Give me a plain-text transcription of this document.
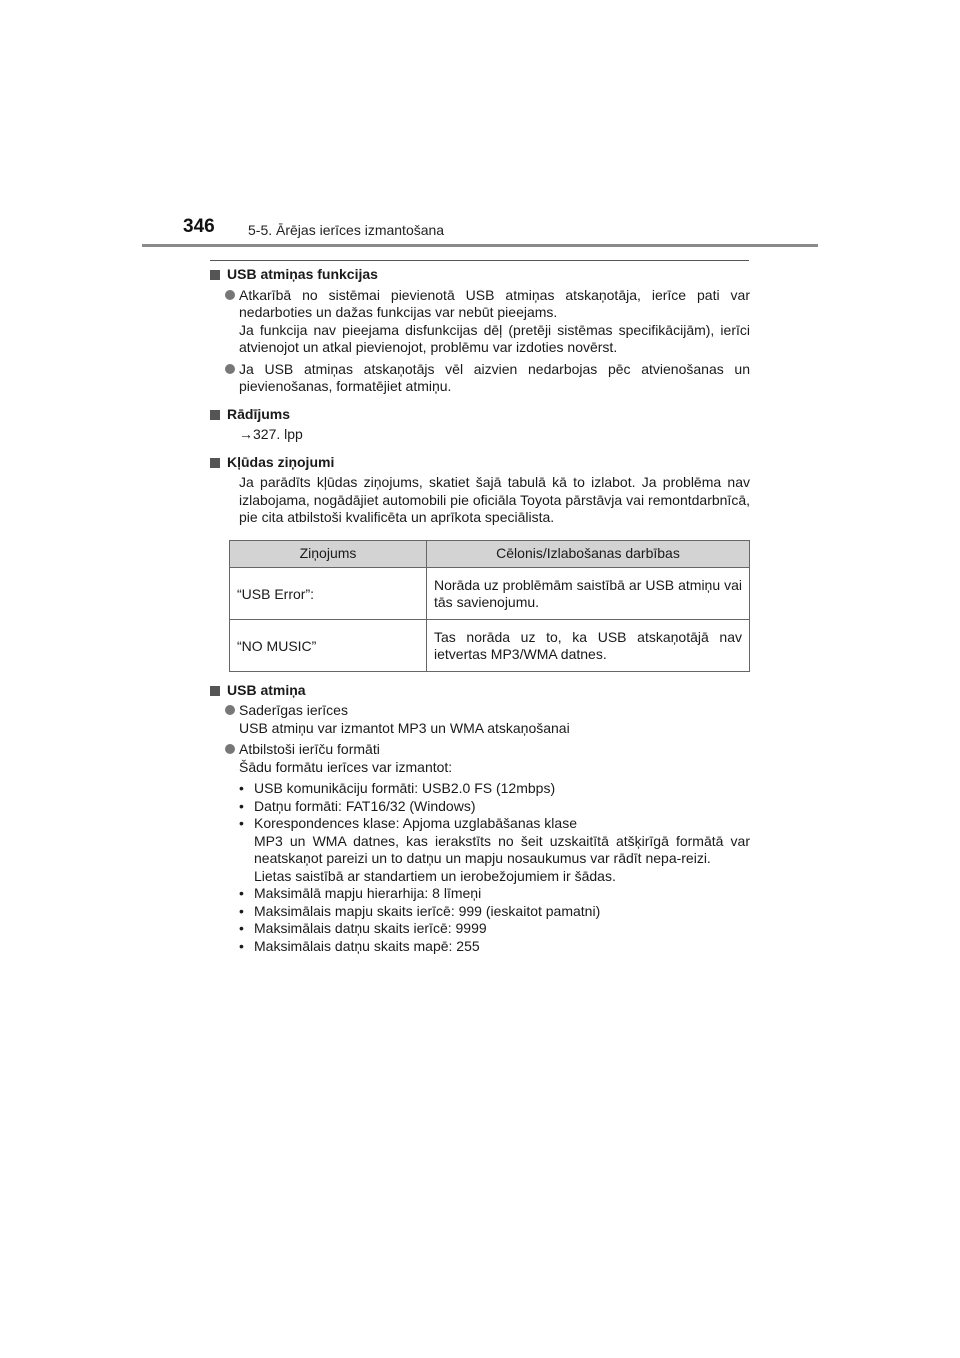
346 5-5. Ārējas ierīces izmantošana
USB atmiņas funkcijas
Atkarībā no sistēmai pievienotā USB atmiņas atskaņotāja, ierīce pati var nedarboties un dažas funkcijas var nebūt pieejams.
Ja funkcija nav pieejama disfunkcijas dēļ (pretēji sistēmas specifikācijām), ierīci atvienojot un atkal pievienojot, problēmu var izdoties novērst.
Ja USB atmiņas atskaņotājs vēl aizvien nedarbojas pēc atvienošanas un pievienošanas, formatējiet atmiņu.
Rādījums
→327. lpp
Kļūdas ziņojumi
Ja parādīts kļūdas ziņojums, skatiet šajā tabulā kā to izlabot. Ja problēma nav izlabojama, nogādājiet automobili pie oficiāla Toyota pārstāvja vai remontdarbnīcā, pie cita atbilstoši kvalificēta un aprīkota speciālista.
Ziņojums	Cēlonis/Izlabošanas darbības
“USB Error”:	Norāda uz problēmām saistībā ar USB atmiņu vai tās savienojumu.
“NO MUSIC”	Tas norāda uz to, ka USB atskaņotājā nav ietvertas MP3/WMA datnes.
USB atmiņa
Saderīgas ierīces
USB atmiņu var izmantot MP3 un WMA atskaņošanai
Atbilstoši ierīču formāti
Šādu formātu ierīces var izmantot:
• USB komunikāciju formāti: USB2.0 FS (12mbps)
• Datņu formāti: FAT16/32 (Windows)
• Korespondences klase: Apjoma uzglabāšanas klase
MP3 un WMA datnes, kas ierakstīts no šeit uzskaitītā atšķirīgā formātā var neatskaņot pareizi un to datņu un mapju nosaukumus var rādīt nepa-reizi.
Lietas saistībā ar standartiem un ierobežojumiem ir šādas.
• Maksimālā mapju hierarhija: 8 līmeņi
• Maksimālais mapju skaits ierīcē: 999 (ieskaitot pamatni)
• Maksimālais datņu skaits ierīcē: 9999
• Maksimālais datņu skaits mapē: 255
